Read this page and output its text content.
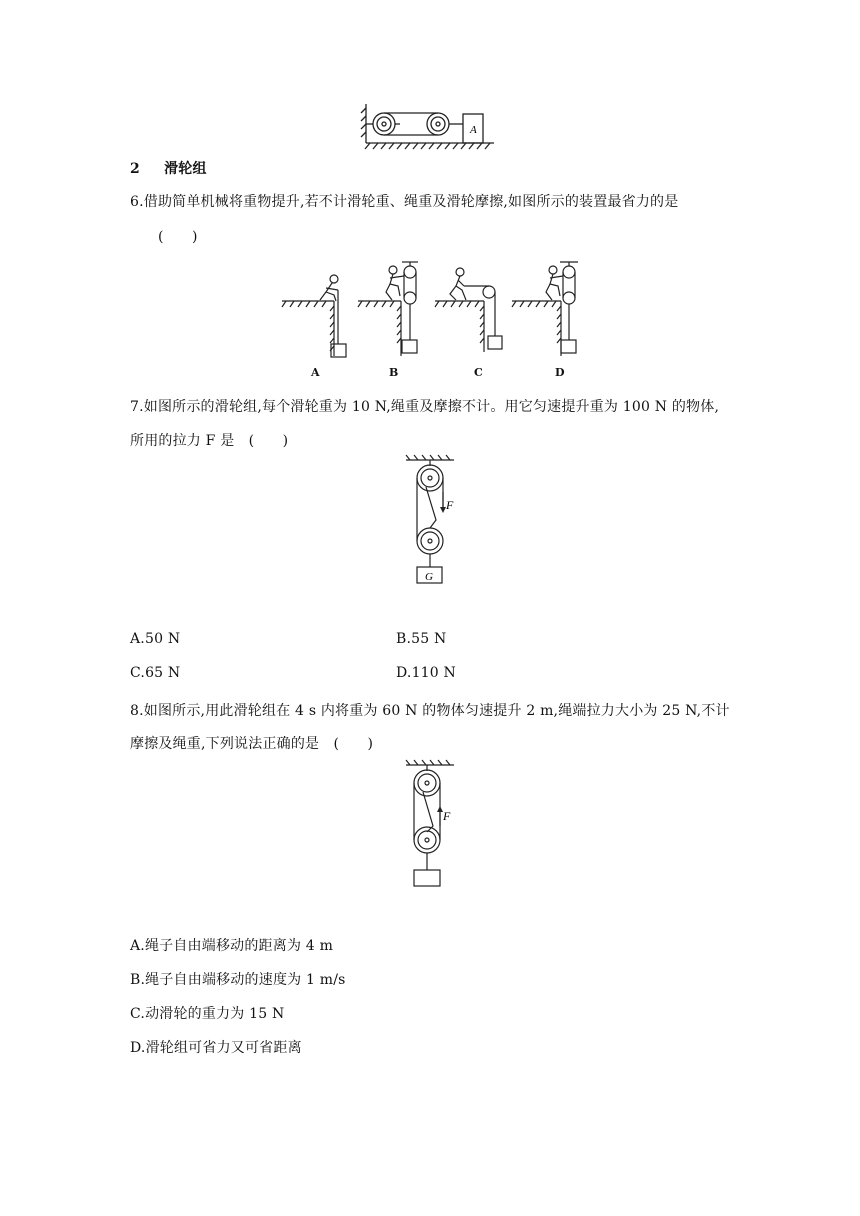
A
2 滑轮组
6.借助简单机械将重物提升,若不计滑轮重、绳重及滑轮摩擦,如图所示的装置最省力的是
(　　)
A	B	C	D
7.如图所示的滑轮组,每个滑轮重为 10 N,绳重及摩擦不计。用它匀速提升重为 100 N 的物体,
所用的拉力 F 是　(　　)
F
G
A.50 N	B.55 N
C.65 N	D.110 N
8.如图所示,用此滑轮组在 4 s 内将重为 60 N 的物体匀速提升 2 m,绳端拉力大小为 25 N,不计
摩擦及绳重,下列说法正确的是　(　　)
F
A.绳子自由端移动的距离为 4 m
B.绳子自由端移动的速度为 1 m/s
C.动滑轮的重力为 15 N
D.滑轮组可省力又可省距离
